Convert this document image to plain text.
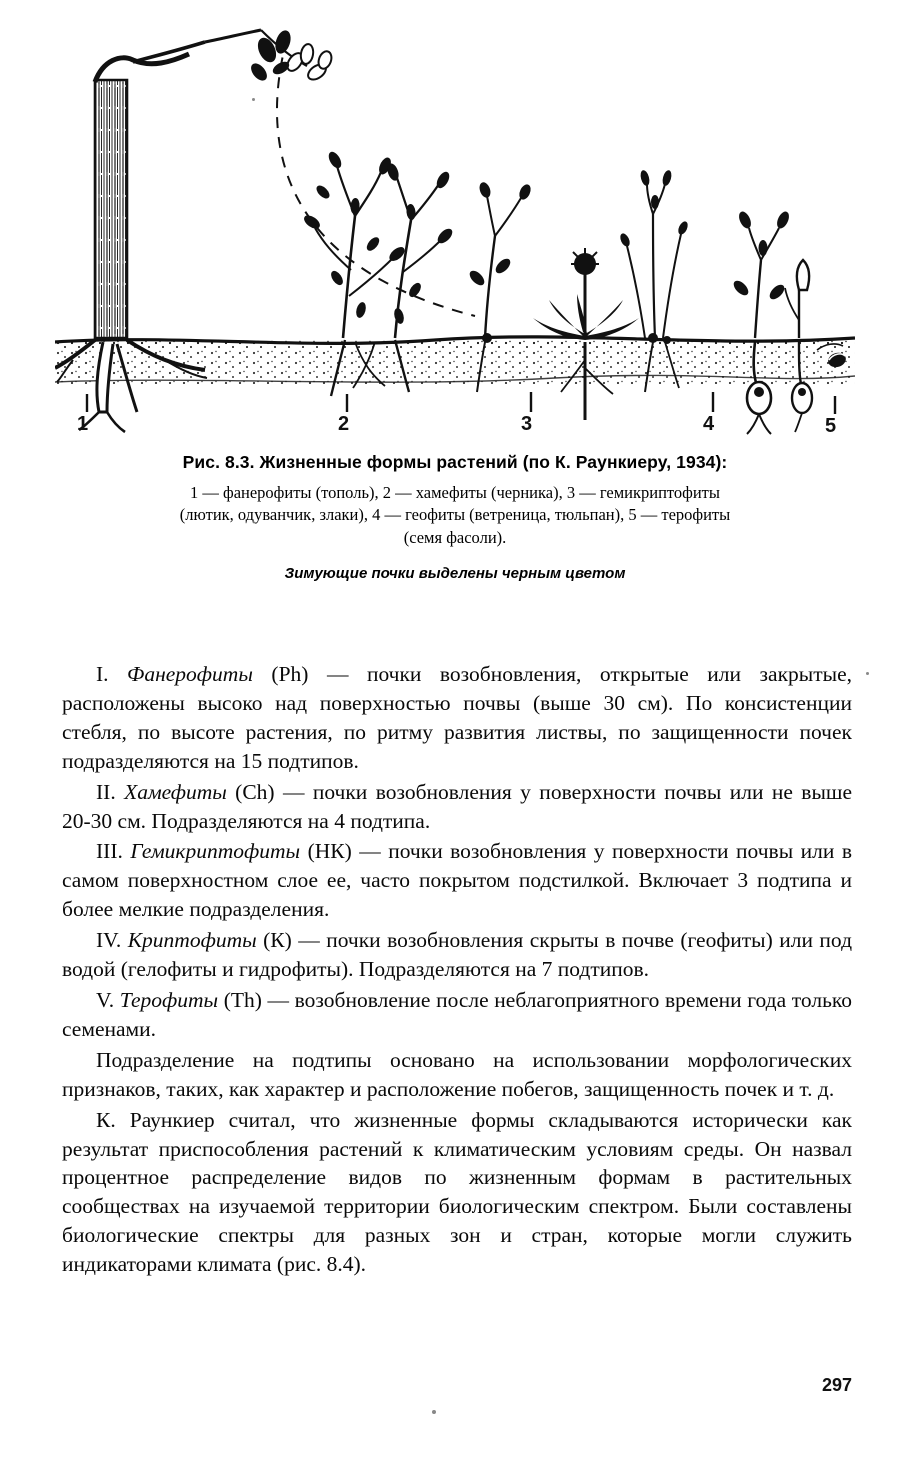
1	2	3	4	5
Рис. 8.3. Жизненные формы растений (по К. Раункиеру, 1934):
1 — фанерофиты (тополь), 2 — хамефиты (черника), 3 — гемикриптофиты
(лютик, одуванчик, злаки), 4 — геофиты (ветреница, тюльпан), 5 — терофиты
(семя фасоли).
Зимующие почки выделены черным цветом

I. Фанерофиты (Ph) — почки возобновления, открытые или закрытые, расположены высоко над поверхностью почвы (выше 30 см). По консистенции стебля, по высоте растения, по ритму развития листвы, по защищенности почек подразделяются на 15 подтипов.

II. Хамефиты (Ch) — почки возобновления у поверхности почвы или не выше 20-30 см. Подразделяются на 4 подтипа.

III. Гемикриптофиты (НК) — почки возобновления у поверхности почвы или в самом поверхностном слое ее, часто покрытом подстилкой. Включает 3 подтипа и более мелкие подразделения.

IV. Криптофиты (К) — почки возобновления скрыты в почве (геофиты) или под водой (гелофиты и гидрофиты). Подразделяются на 7 подтипов.

V. Терофиты (Th) — возобновление после неблагоприятного времени года только семенами.

Подразделение на подтипы основано на использовании морфологических признаков, таких, как характер и расположение побегов, защищенность почек и т. д.

К. Раункиер считал, что жизненные формы складываются исторически как результат приспособления растений к климатическим условиям среды. Он назвал процентное распределение видов по жизненным формам в растительных сообществах на изучаемой территории биологическим спектром. Были составлены биологические спектры для разных зон и стран, которые могли служить индикаторами климата (рис. 8.4).

297
